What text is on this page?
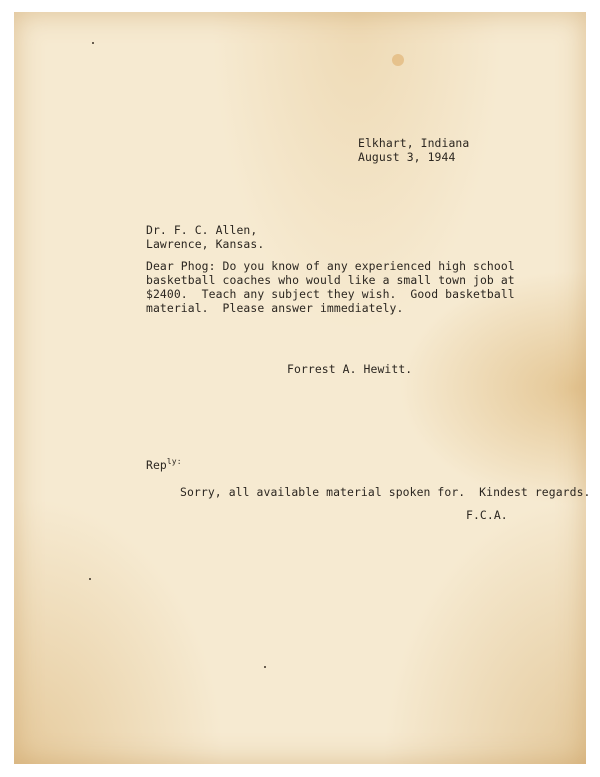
Elkhart, Indiana
August 3, 1944
Dr. F. C. Allen,
Lawrence, Kansas.
Dear Phog: Do you know of any experienced high school
basketball coaches who would like a small town job at
$2400.  Teach any subject they wish.  Good basketball
material.  Please answer immediately.
Forrest A. Hewitt.
Rep$^{ly:}$
Sorry, all available material spoken for.  Kindest regards.
F.C.A.
